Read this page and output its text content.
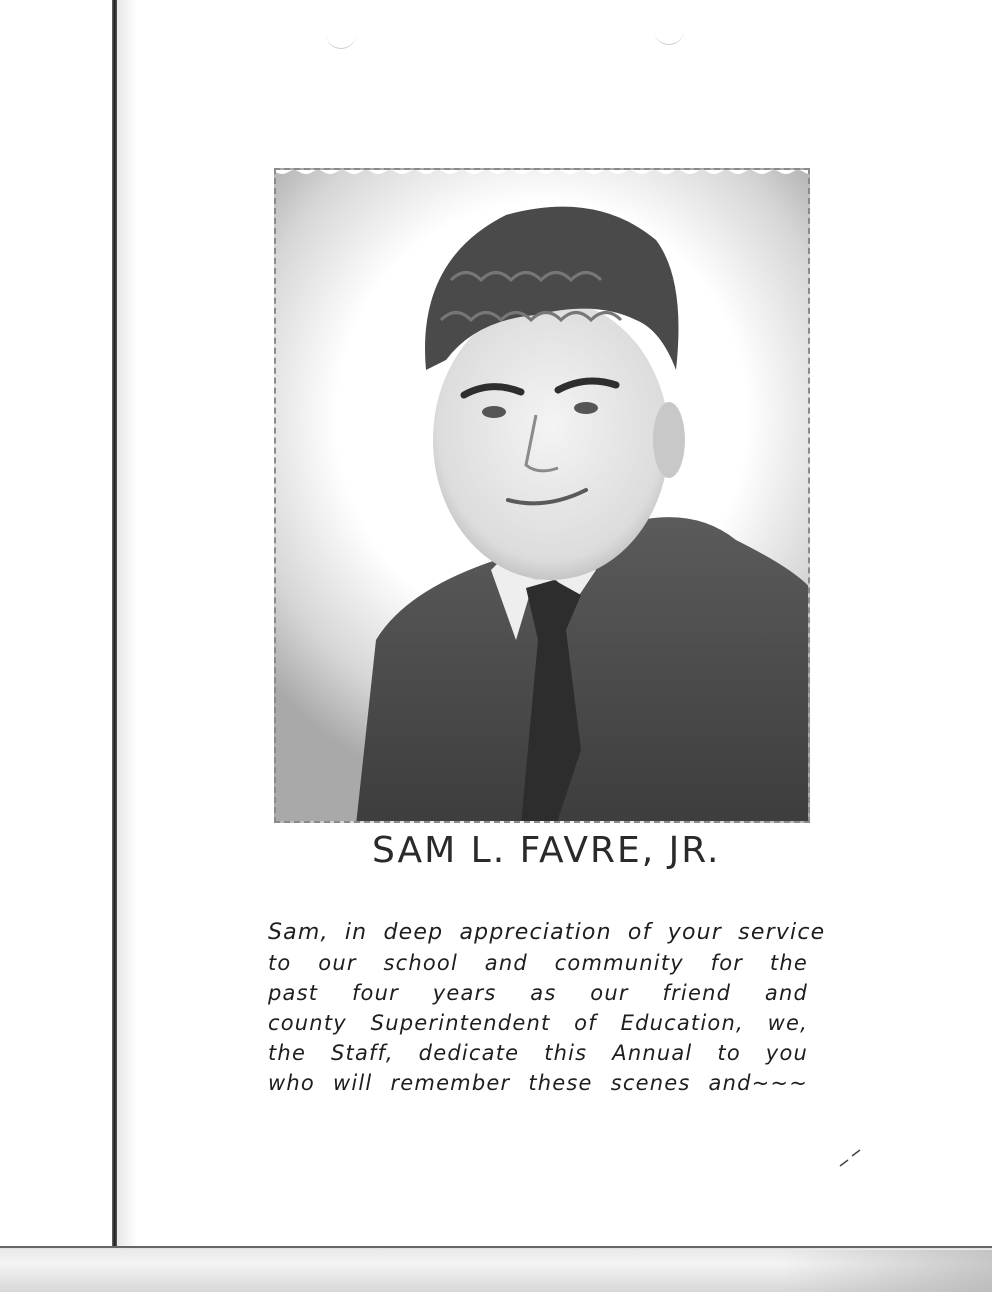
SAM L. FAVRE, JR.
Sam, in deep appreciation of your service
to our school and community for the
past four years as our friend and
county Superintendent of Education, we,
the Staff, dedicate this Annual to you
who will remember these scenes and~~~
